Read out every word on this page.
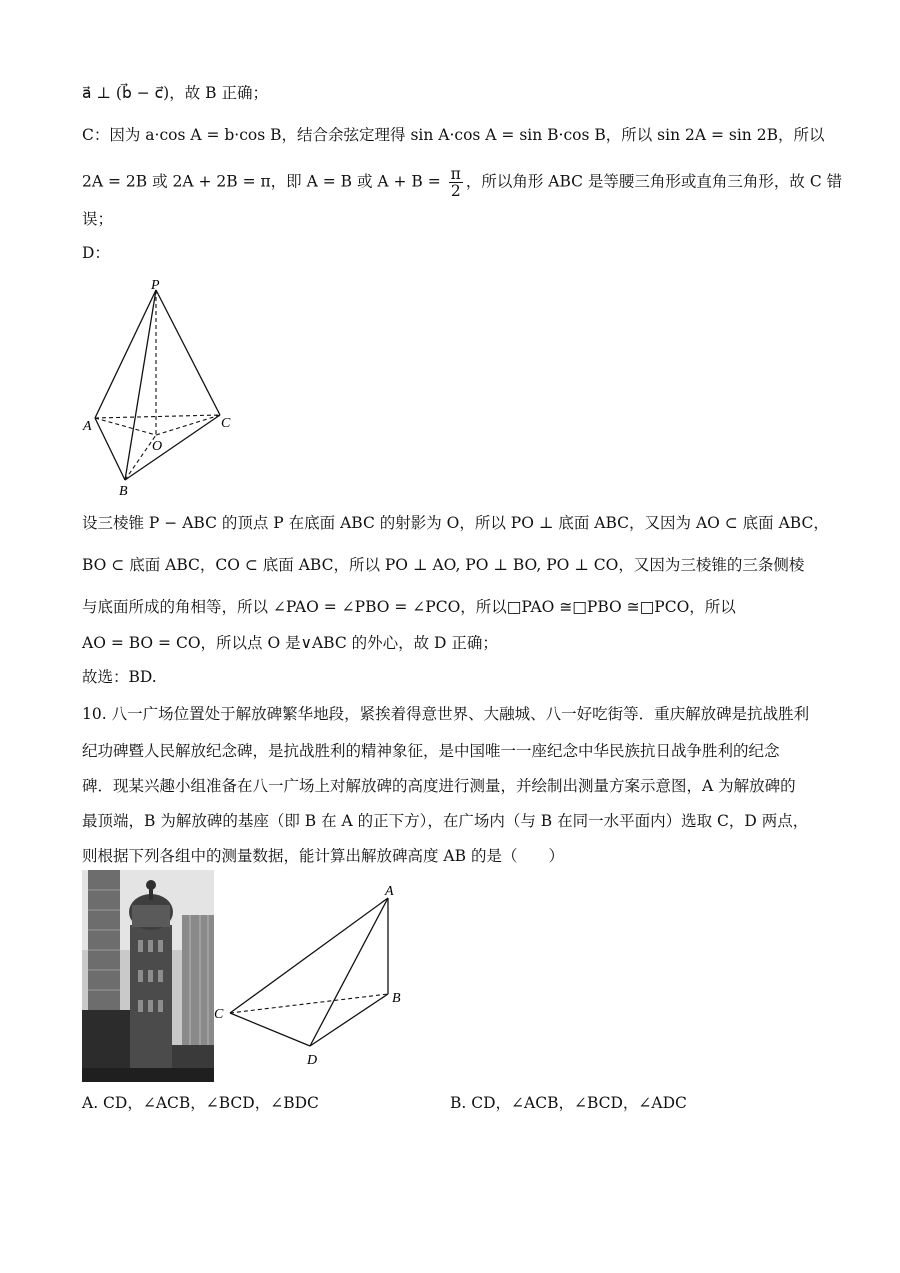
a⃗ ⊥ (b⃗ − c⃗)，故 B 正确；
C：因为 a·cos A = b·cos B，结合余弦定理得 sin A·cos A = sin B·cos B，所以 sin 2A = sin 2B，所以
2A = 2B 或 2A + 2B = π，即 A = B 或 $A + B = \frac{\pi}{2}$ ，所以角形 ABC 是等腰三角形或直角三角形，故 C 错
误；
D：
P
A	C
O
B
设三棱锥 P − ABC 的顶点 P 在底面 ABC 的射影为 O，所以 PO ⊥ 底面 ABC，又因为 AO ⊂ 底面 ABC，
BO ⊂ 底面 ABC，CO ⊂ 底面 ABC，所以 PO ⊥ AO, PO ⊥ BO, PO ⊥ CO，又因为三棱锥的三条侧棱
与底面所成的角相等，所以 ∠PAO = ∠PBO = ∠PCO，所以□PAO ≅□PBO ≅□PCO，所以
AO = BO = CO，所以点 O 是∨ABC 的外心，故 D 正确；
故选：BD.
10. 八一广场位置处于解放碑繁华地段，紧挨着得意世界、大融城、八一好吃街等．重庆解放碑是抗战胜利
纪功碑暨人民解放纪念碑，是抗战胜利的精神象征，是中国唯一一座纪念中华民族抗日战争胜利的纪念
碑．现某兴趣小组准备在八一广场上对解放碑的高度进行测量，并绘制出测量方案示意图，A 为解放碑的
最顶端，B 为解放碑的基座（即 B 在 A 的正下方），在广场内（与 B 在同一水平面内）选取 C，D 两点，
则根据下列各组中的测量数据，能计算出解放碑高度 AB 的是（　　）
A
B
C
D
A. CD，∠ACB，∠BCD，∠BDC	B. CD，∠ACB，∠BCD，∠ADC
